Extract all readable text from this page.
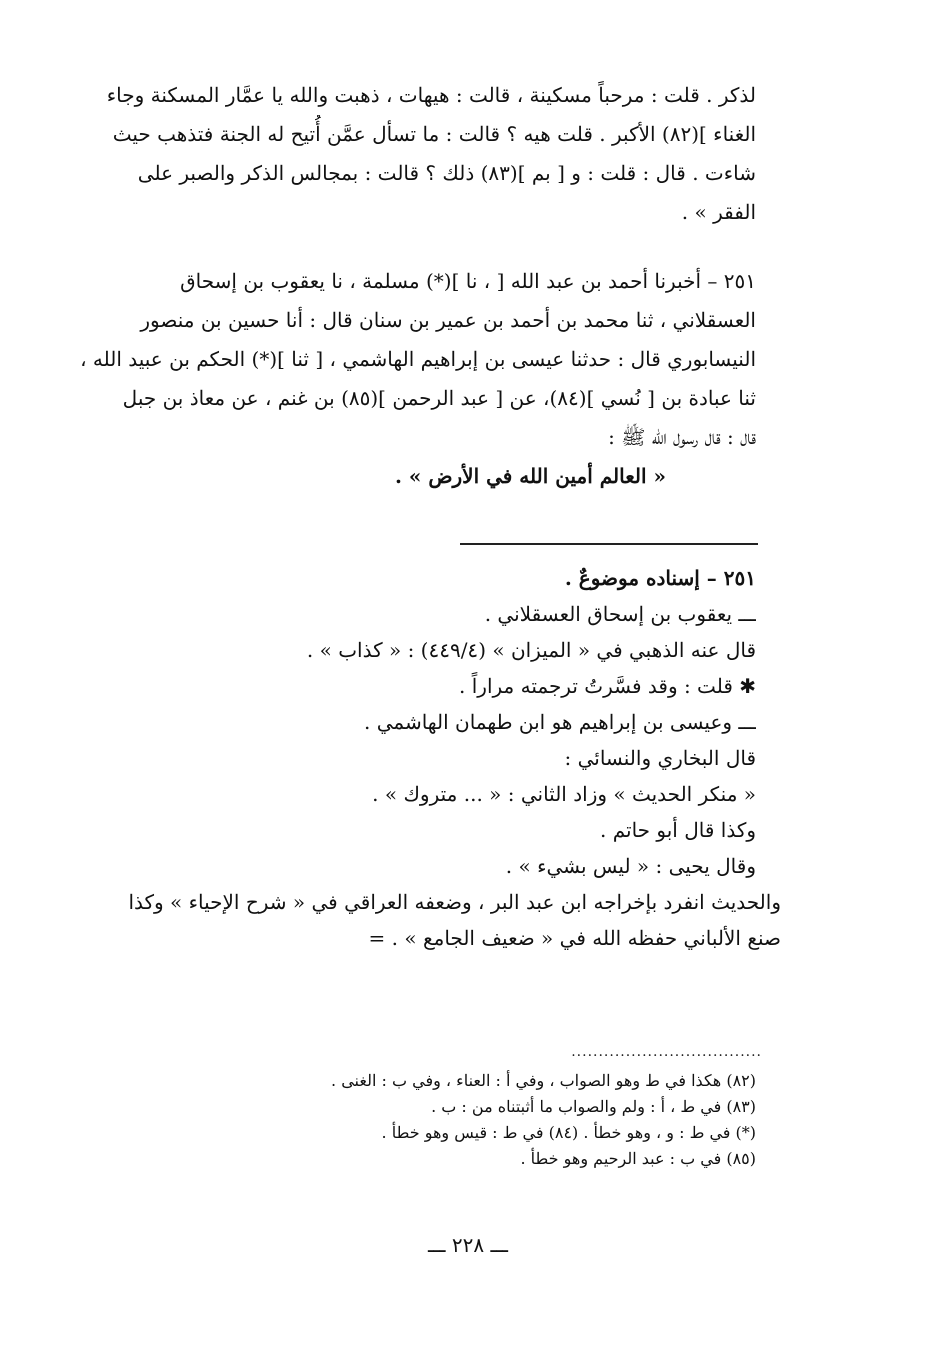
لذكر . قلت : مرحباً مسكينة ، قالت : هيهات ، ذهبت والله يا عمَّار المسكنة وجاء
الغناء ](٨٢) الأكبر . قلت هيه ؟ قالت : ما تسأل عمَّن أُتيح له الجنة فتذهب حيث
شاءت . قال : قلت : و [ بم ](٨٣) ذلك ؟ قالت : بمجالس الذكر والصبر على
الفقر » .
٢٥١ – أخبرنا أحمد بن عبد الله [ ، نا ](*) مسلمة ، نا يعقوب بن إسحاق
العسقلاني ، ثنا محمد بن أحمد بن عمير بن سنان قال : أنا حسين بن منصور
النيسابوري قال : حدثنا عيسى بن إبراهيم الهاشمي ، [ ثنا ](*) الحكم بن عبيد الله ،
ثنا عبادة بن [ نُسي ](٨٤)، عن [ عبد الرحمن ](٨٥) بن غنم ، عن معاذ بن جبل
قال : قال رسول الله ﷺ :
« العالم أمين الله في الأرض » .
٢٥١ – إسناده موضوعٌ .
ـــ يعقوب بن إسحاق العسقلاني .
قال عنه الذهبي في « الميزان » (٤٤٩/٤) : « كذاب » .
✱ قلت : وقد فسَّرتُ ترجمته مراراً .
ـــ وعيسى بن إبراهيم هو ابن طهمان الهاشمي .
قال البخاري والنسائي :
« منكر الحديث » وزاد الثاني : « ... متروك » .
وكذا قال أبو حاتم .
وقال يحيى : « ليس بشيء » .
والحديث انفرد بإخراجه ابن عبد البر ، وضعفه العراقي في « شرح الإحياء » وكذا
صنع الألباني حفظه الله في « ضعيف الجامع » . =
...................................
(٨٢) هكذا في ط وهو الصواب ، وفي أ : العناء ، وفي ب : الغنى .
(٨٣) في ط ، أ : ولم والصواب ما أثبتناه من : ب .
(*) في ط : و ، وهو خطأ . (٨٤) في ط : قيس وهو خطأ .
(٨٥) في ب : عبد الرحيم وهو خطأ .
ـــ ٢٢٨ ـــ
